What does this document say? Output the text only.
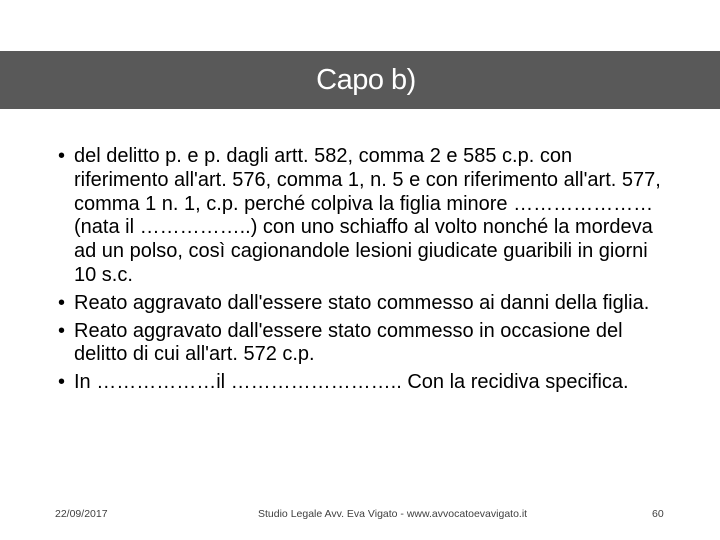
Capo b)
• del delitto p. e p. dagli artt. 582, comma 2 e 585 c.p. con riferimento all'art. 576, comma 1, n. 5 e con riferimento all'art. 577, comma 1 n. 1, c.p. perché colpiva la figlia minore ………………… (nata il ……………..) con uno schiaffo al volto nonché la mordeva ad un polso, così cagionandole lesioni giudicate guaribili in giorni 10 s.c.
• Reato aggravato dall'essere stato commesso ai danni della figlia.
• Reato aggravato dall'essere stato commesso in occasione del delitto di cui all'art. 572 c.p.
• In ………………il …………………….. Con la recidiva specifica.
22/09/2017	Studio Legale Avv. Eva Vigato - www.avvocatoevavigato.it	60
